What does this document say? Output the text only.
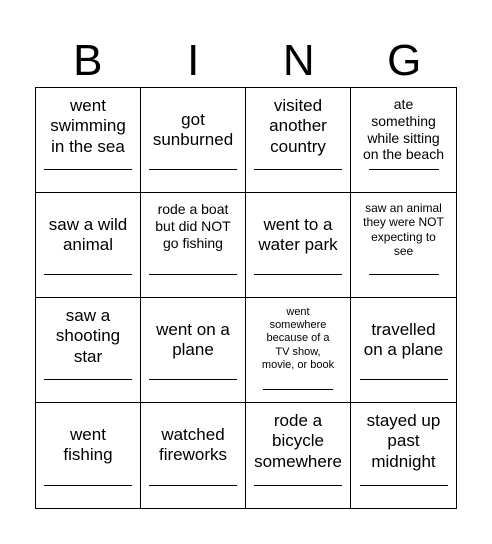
B	I	N	G
went
swimming
in the sea
got
sunburned
visited
another
country
ate
something
while sitting
on the beach
saw a wild
animal
rode a boat
but did NOT
go fishing
went to a
water park
saw an animal
they were NOT
expecting to
see
saw a
shooting
star
went on a
plane
went
somewhere
because of a
TV show,
movie, or book
travelled
on a plane
went
fishing
watched
fireworks
rode a
bicycle
somewhere
stayed up
past
midnight
